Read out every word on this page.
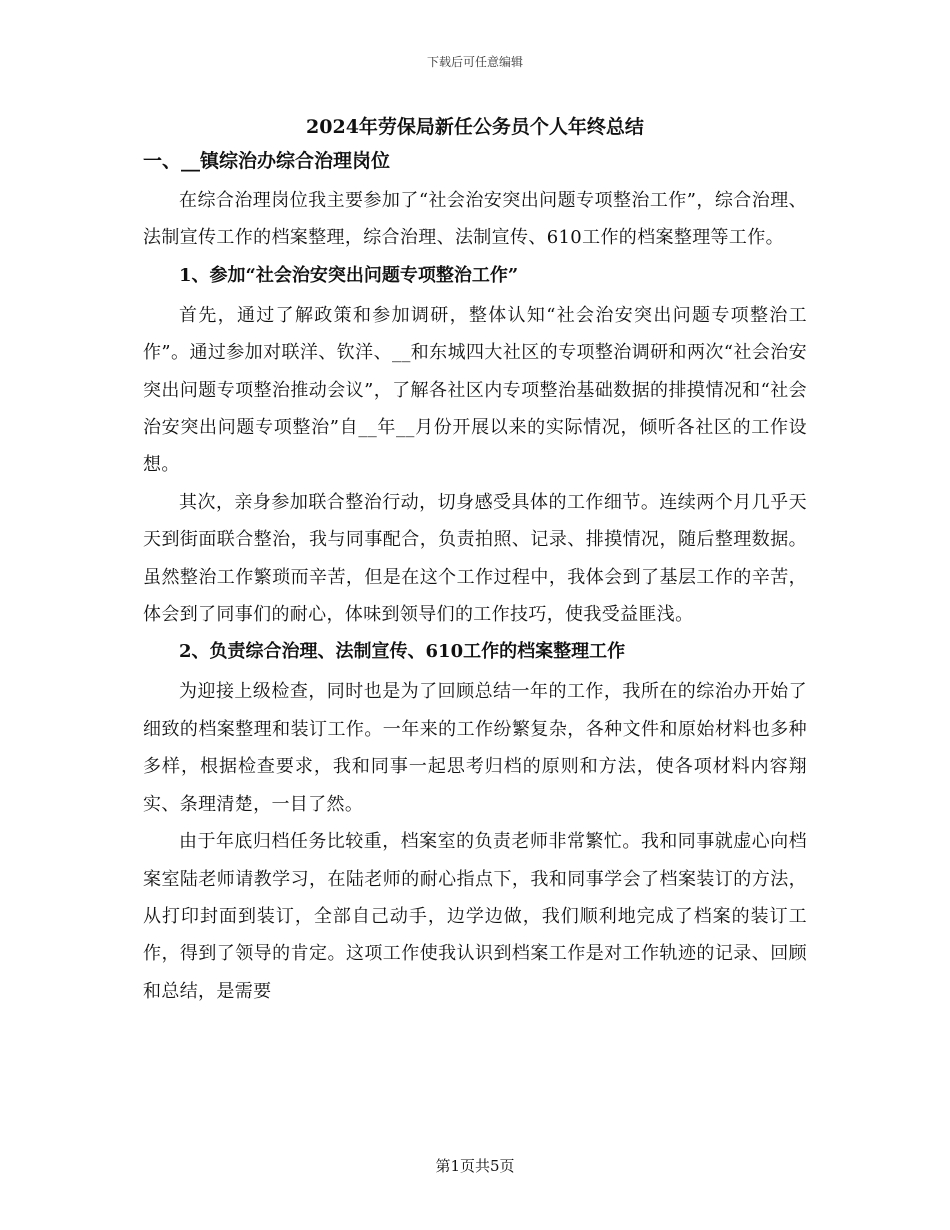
下载后可任意编辑
2024年劳保局新任公务员个人年终总结
一、__镇综治办综合治理岗位

在综合治理岗位我主要参加了“社会治安突出问题专项整治工作”，综合治理、法制宣传工作的档案整理，综合治理、法制宣传、610工作的档案整理等工作。

1、参加“社会治安突出问题专项整治工作”

首先，通过了解政策和参加调研，整体认知“社会治安突出问题专项整治工作”。通过参加对联洋、钦洋、__和东城四大社区的专项整治调研和两次“社会治安突出问题专项整治推动会议”，了解各社区内专项整治基础数据的排摸情况和“社会治安突出问题专项整治”自__年__月份开展以来的实际情况，倾听各社区的工作设想。

其次，亲身参加联合整治行动，切身感受具体的工作细节。连续两个月几乎天天到街面联合整治，我与同事配合，负责拍照、记录、排摸情况，随后整理数据。虽然整治工作繁琐而辛苦，但是在这个工作过程中，我体会到了基层工作的辛苦，体会到了同事们的耐心，体味到领导们的工作技巧，使我受益匪浅。

2、负责综合治理、法制宣传、610工作的档案整理工作

为迎接上级检查，同时也是为了回顾总结一年的工作，我所在的综治办开始了细致的档案整理和装订工作。一年来的工作纷繁复杂，各种文件和原始材料也多种多样，根据检查要求，我和同事一起思考归档的原则和方法，使各项材料内容翔实、条理清楚，一目了然。

由于年底归档任务比较重，档案室的负责老师非常繁忙。我和同事就虚心向档案室陆老师请教学习，在陆老师的耐心指点下，我和同事学会了档案装订的方法，从打印封面到装订，全部自己动手，边学边做，我们顺利地完成了档案的装订工作，得到了领导的肯定。这项工作使我认识到档案工作是对工作轨迹的记录、回顾和总结，是需要

第1页共5页
